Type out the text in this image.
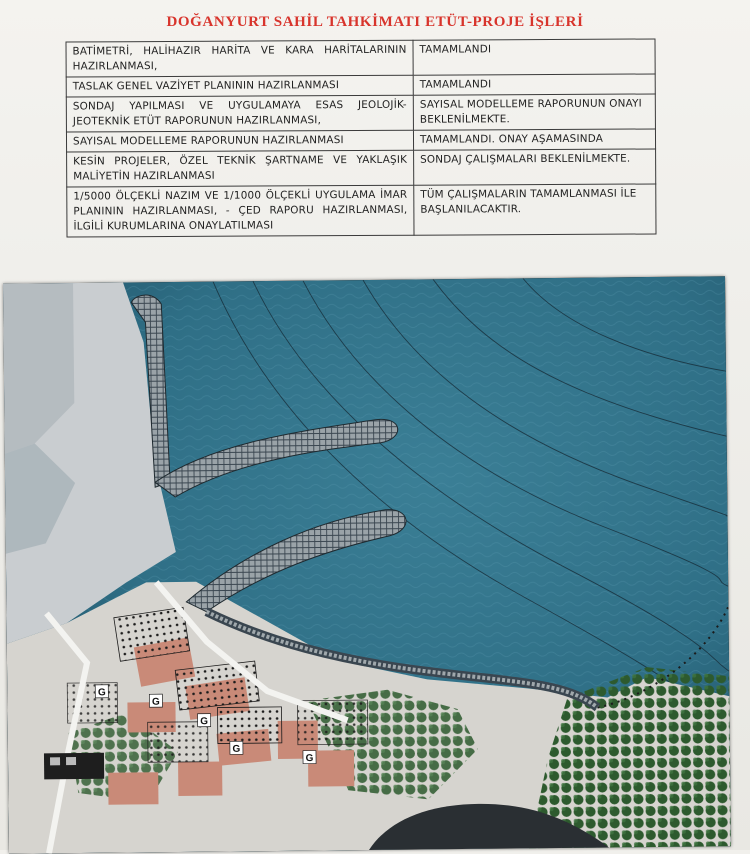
DOĞANYURT SAHİL TAHKİMATI ETÜT-PROJE İŞLERİ
BATİMETRİ, HALİHAZIR HARİTA VE KARA HARİTALARININ HAZIRLANMASI,	TAMAMLANDI
TASLAK GENEL VAZİYET PLANININ HAZIRLANMASI	TAMAMLANDI
SONDAJ YAPILMASI VE UYGULAMAYA ESAS JEOLOJİK-JEOTEKNİK ETÜT RAPORUNUN HAZIRLANMASI,	SAYISAL MODELLEME RAPORUNUN ONAYI BEKLENİLMEKTE.
SAYISAL MODELLEME RAPORUNUN HAZIRLANMASI	TAMAMLANDI. ONAY AŞAMASINDA
KESİN PROJELER, ÖZEL TEKNİK ŞARTNAME VE YAKLAŞIK MALİYETİN HAZIRLANMASI	SONDAJ ÇALIŞMALARI BEKLENİLMEKTE.
1/5000 ÖLÇEKLİ NAZIM VE 1/1000 ÖLÇEKLİ UYGULAMA İMAR PLANININ HAZIRLANMASI, - ÇED RAPORU HAZIRLANMASI, İLGİLİ KURUMLARINA ONAYLATILMASI	TÜM ÇALIŞMALARIN TAMAMLANMASI İLE BAŞLANILACAKTIR.
G
G
G
G
G
